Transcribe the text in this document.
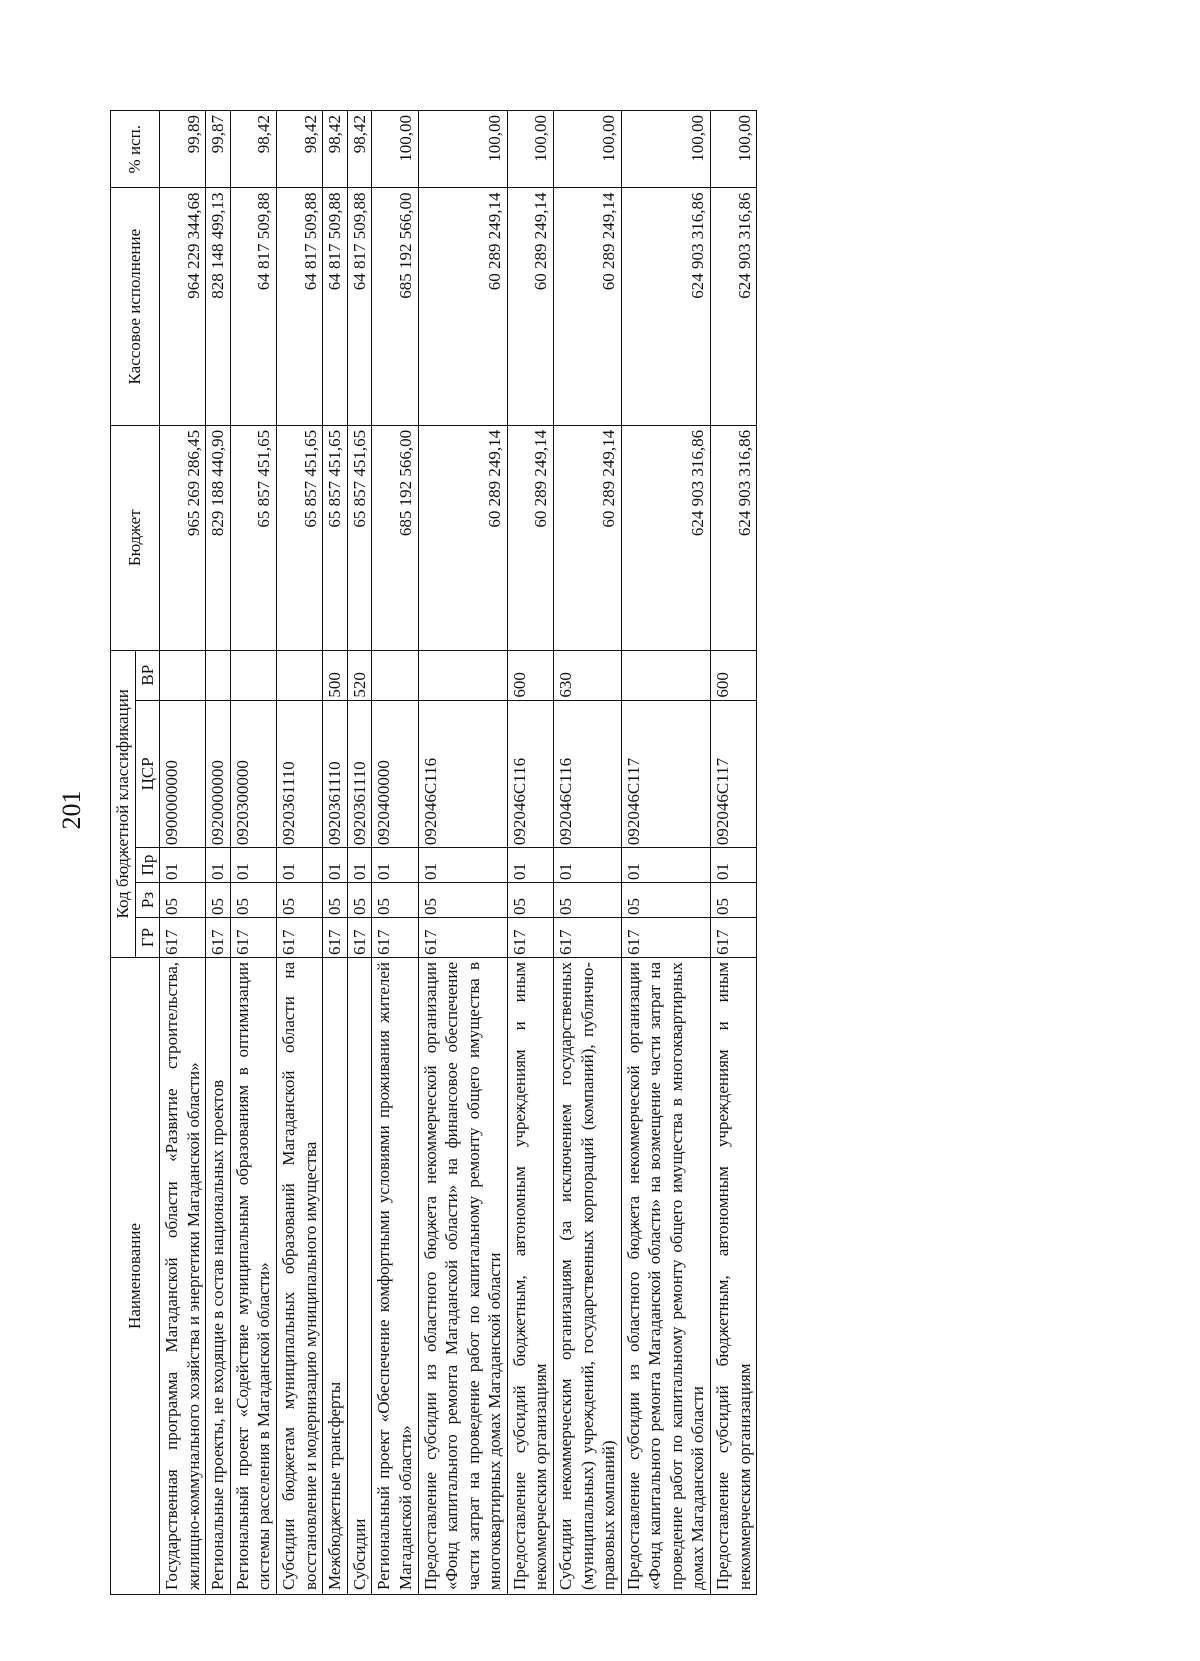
201
Наименование	Код бюджетной классификации					Бюджет	Кассовое исполнение	% исп.
	ГР	Рз	Пр	ЦСР	ВР			
Государственная программа Магаданской области «Развитие строительства, жилищно-коммунального хозяйства и энергетики Магаданской области»	617	05	01	0900000000		965 269 286,45	964 229 344,68	99,89
Региональные проекты, не входящие в состав национальных проектов	617	05	01	0920000000		829 188 440,90	828 148 499,13	99,87
Региональный проект «Содействие муниципальным образованиям в оптимизации системы расселения в Магаданской области»	617	05	01	0920300000		65 857 451,65	64 817 509,88	98,42
Субсидии бюджетам муниципальных образований Магаданской области на восстановление и модернизацию муниципального имущества	617	05	01	0920361110		65 857 451,65	64 817 509,88	98,42
Межбюджетные трансферты	617	05	01	0920361110	500	65 857 451,65	64 817 509,88	98,42
Субсидии	617	05	01	0920361110	520	65 857 451,65	64 817 509,88	98,42
Региональный проект «Обеспечение комфортными условиями проживания жителей Магаданской области»	617	05	01	0920400000		685 192 566,00	685 192 566,00	100,00
Предоставление субсидии из областного бюджета некоммерческой организации «Фонд капитального ремонта Магаданской области» на финансовое обеспечение части затрат на проведение работ по капитальному ремонту общего имущества в многоквартирных домах Магаданской области	617	05	01	092046С116		60 289 249,14	60 289 249,14	100,00
Предоставление субсидий бюджетным, автономным учреждениям и иным некоммерческим организациям	617	05	01	092046С116	600	60 289 249,14	60 289 249,14	100,00
Субсидии некоммерческим организациям (за исключением государственных (муниципальных) учреждений, государственных корпораций (компаний), публично-правовых компаний)	617	05	01	092046С116	630	60 289 249,14	60 289 249,14	100,00
Предоставление субсидии из областного бюджета некоммерческой организации «Фонд капитального ремонта Магаданской области» на возмещение части затрат на проведение работ по капитальному ремонту общего имущества в многоквартирных домах Магаданской области	617	05	01	092046С117		624 903 316,86	624 903 316,86	100,00
Предоставление субсидий бюджетным, автономным учреждениям и иным некоммерческим организациям	617	05	01	092046С117	600	624 903 316,86	624 903 316,86	100,00
